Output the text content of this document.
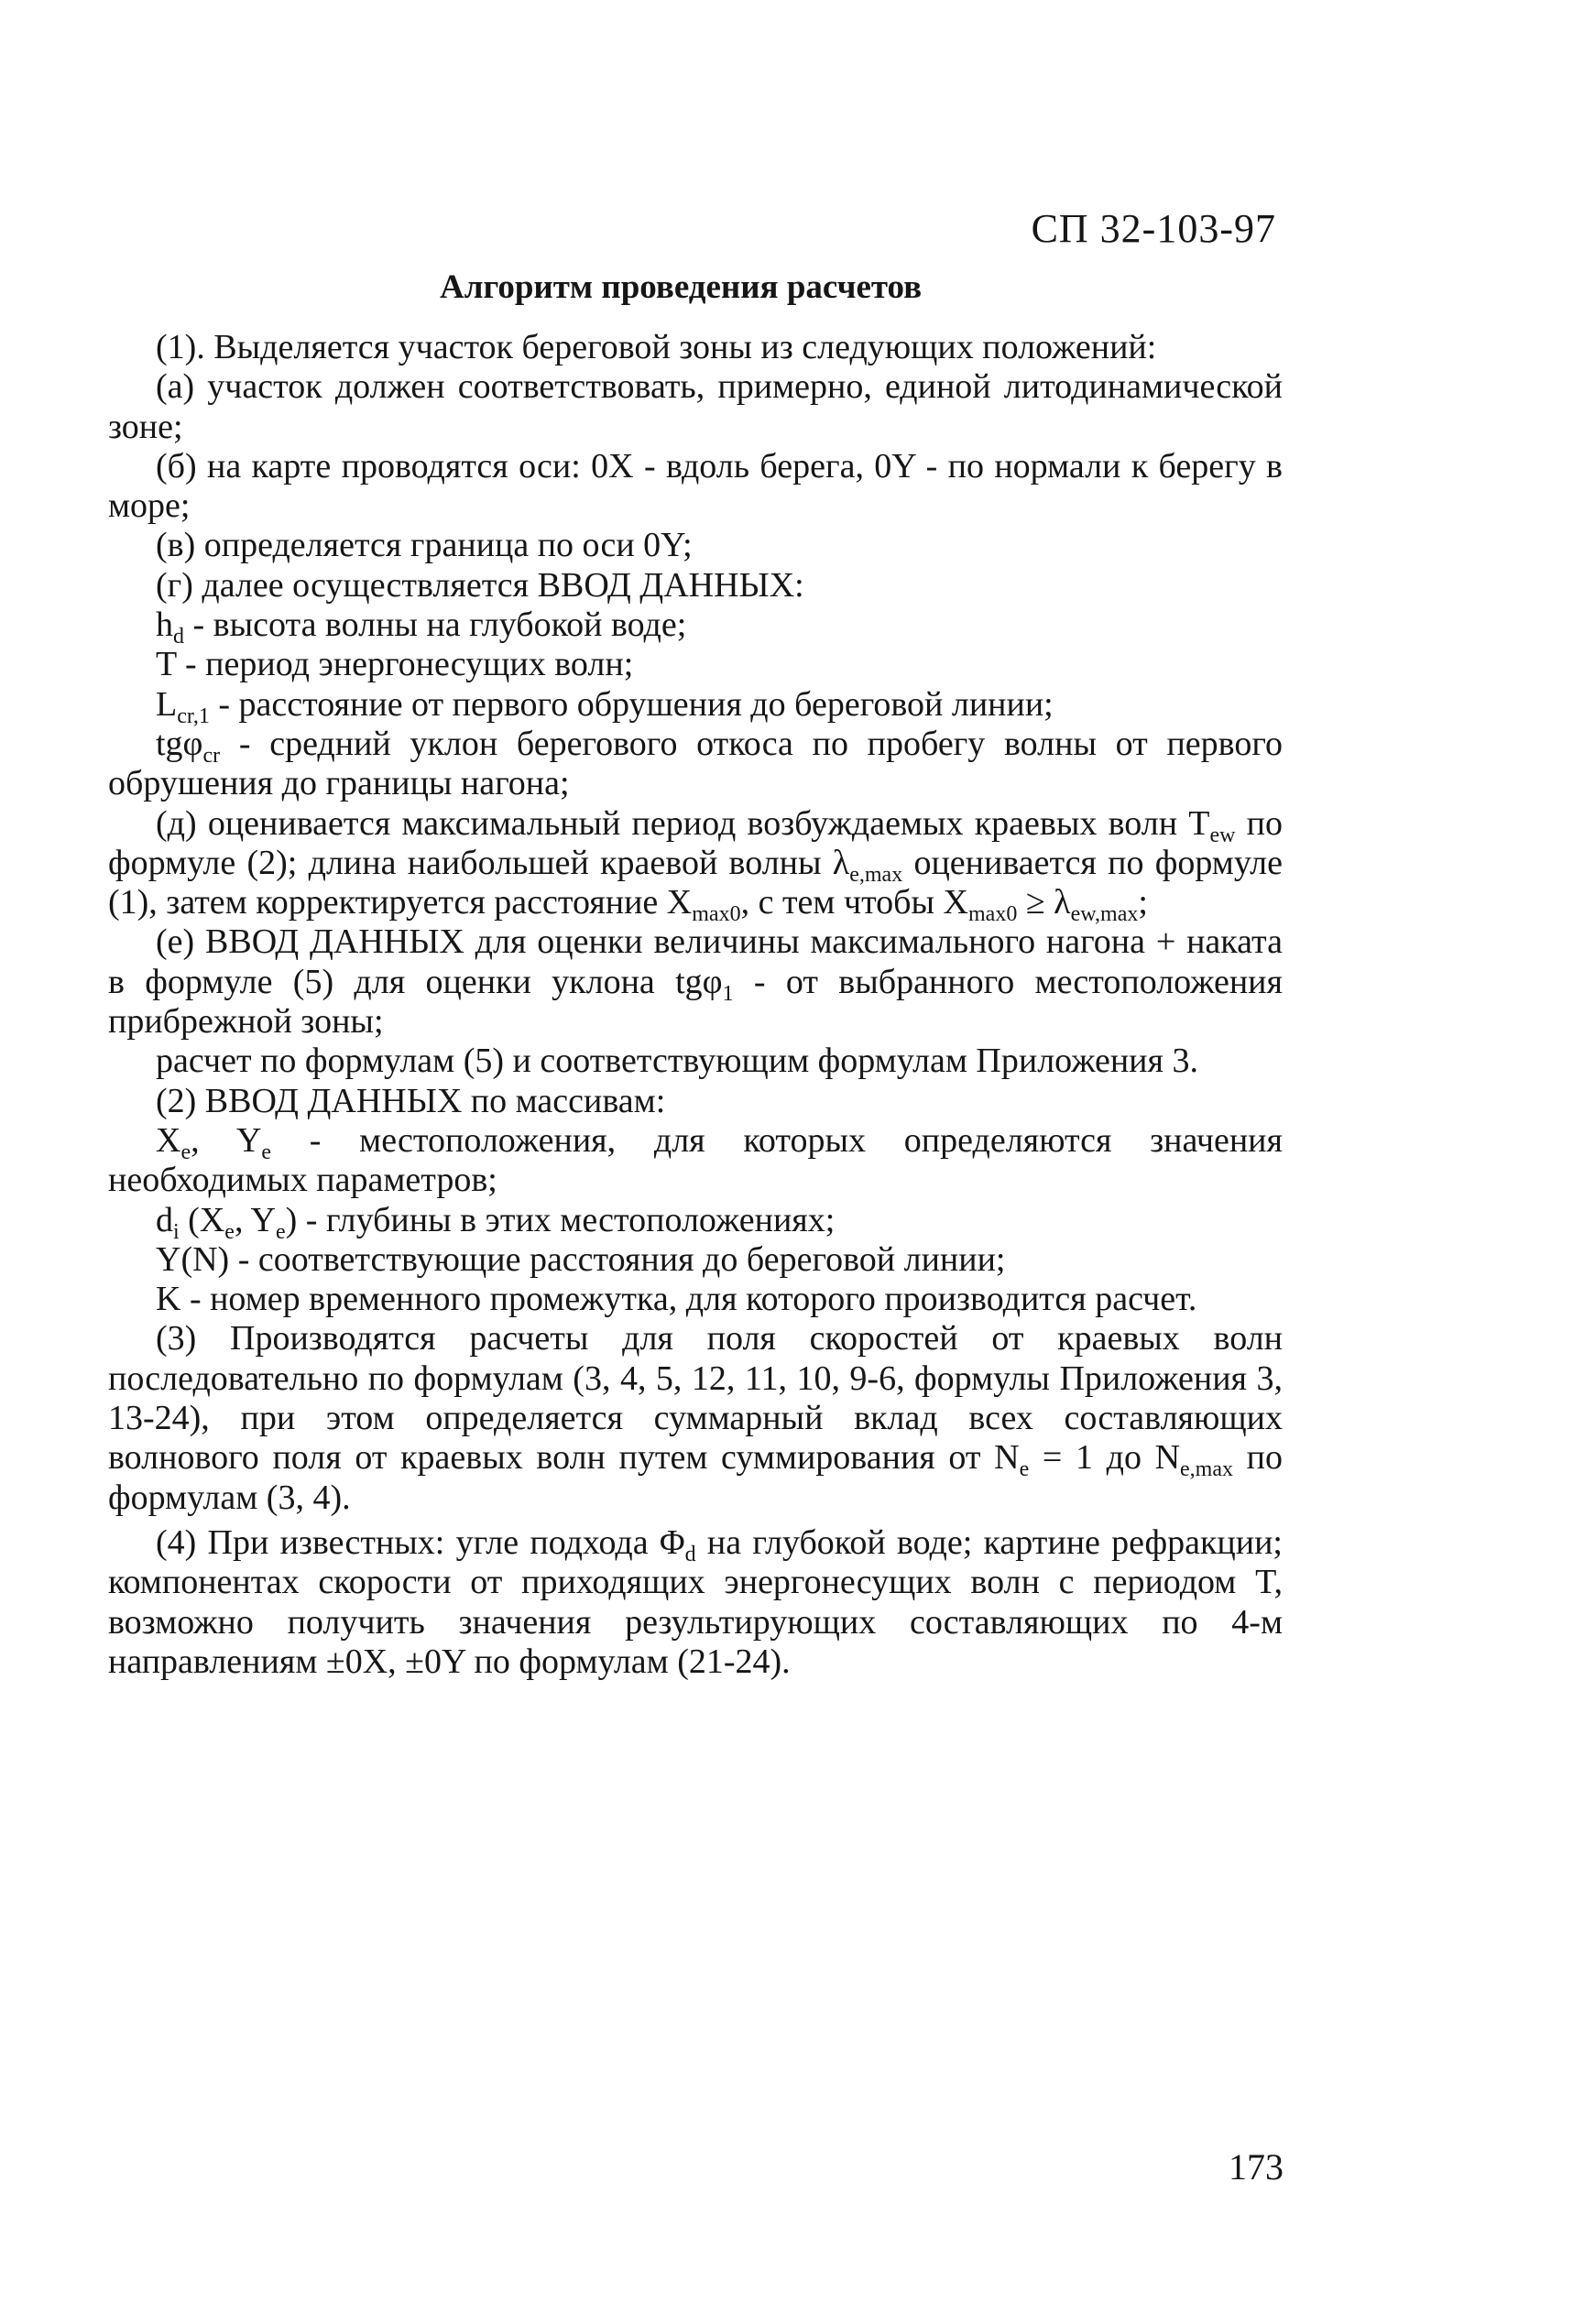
СП 32-103-97
Алгоритм проведения расчетов

(1). Выделяется участок береговой зоны из следующих положений:

(а) участок должен соответствовать, примерно, единой литодинамической зоне;

(б) на карте проводятся оси: 0X - вдоль берега, 0Y - по нормали к берегу в море;

(в) определяется граница по оси 0Y;

(г) далее осуществляется ВВОД ДАННЫХ:

$h_d$ - высота волны на глубокой воде;

T - период энергонесущих волн;

$L_{cr,1}$ - расстояние от первого обрушения до береговой линии;

tgφ$_{cr}$ - средний уклон берегового откоса по пробегу волны от первого обрушения до границы нагона;

(д) оценивается максимальный период возбуждаемых краевых волн $T_{ew}$ по формуле (2); длина наибольшей краевой волны $\lambda_{e,max}$ оценивается по формуле (1), затем корректируется расстояние $X_{max0}$, с тем чтобы $X_{max0} \ge \lambda_{ew,max}$;

(е) ВВОД ДАННЫХ для оценки величины максимального нагона + наката в формуле (5) для оценки уклона tgφ$_1$ - от выбранного местоположения прибрежной зоны;

расчет по формулам (5) и соответствующим формулам Приложения 3.

(2) ВВОД ДАННЫХ по массивам:

$X_e$, $Y_e$ - местоположения, для которых определяются значения необходимых параметров;

$d_i$ ($X_e$, $Y_e$) - глубины в этих местоположениях;

Y(N) - соответствующие расстояния до береговой линии;

K - номер временного промежутка, для которого производится расчет.

(3) Производятся расчеты для поля скоростей от краевых волн последовательно по формулам (3, 4, 5, 12, 11, 10, 9-6, формулы Приложения 3, 13-24), при этом определяется суммарный вклад всех составляющих волнового поля от краевых волн путем суммирования от $N_e = 1$ до $N_{e,max}$ по формулам (3, 4).

(4) При известных: угле подхода $\Phi_d$ на глубокой воде; картине рефракции; компонентах скорости от приходящих энергонесущих волн с периодом T, возможно получить значения результирующих составляющих по 4-м направлениям ±0X, ±0Y по формулам (21-24).

173
